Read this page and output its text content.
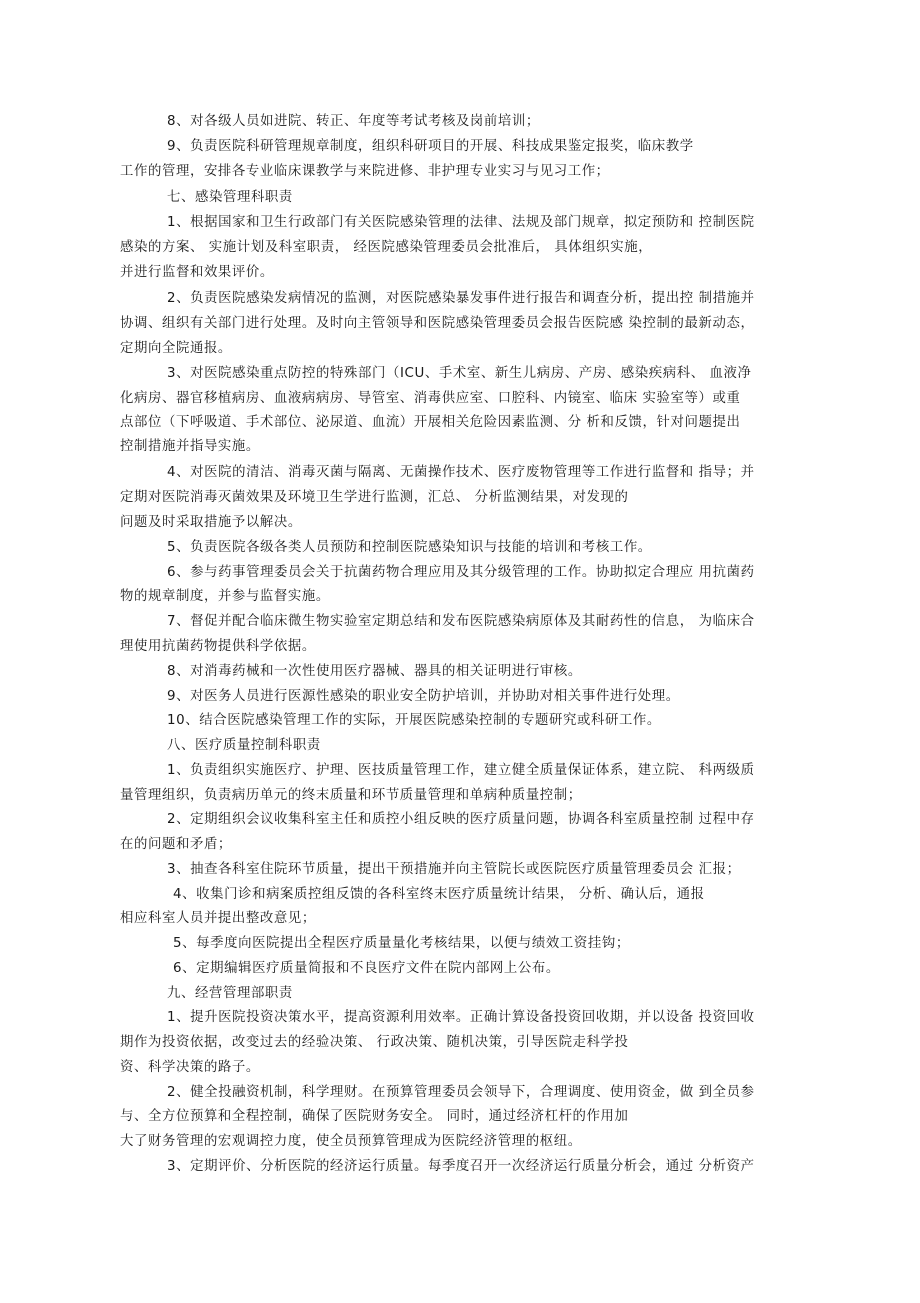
8、对各级人员如进院、转正、年度等考试考核及岗前培训；
9、负责医院科研管理规章制度，组织科研项目的开展、科技成果鉴定报奖，临床教学
工作的管理，安排各专业临床课教学与来院进修、非护理专业实习与见习工作；
七、感染管理科职责
1、根据国家和卫生行政部门有关医院感染管理的法律、法规及部门规章，拟定预防和 控制医院
感染的方案、 实施计划及科室职责， 经医院感染管理委员会批准后， 具体组织实施，
并进行监督和效果评价。
2、负责医院感染发病情况的监测，对医院感染暴发事件进行报告和调查分析，提出控 制措施并
协调、组织有关部门进行处理。及时向主管领导和医院感染管理委员会报告医院感 染控制的最新动态，
定期向全院通报。
3、对医院感染重点防控的特殊部门（ICU、手术室、新生儿病房、产房、感染疾病科、 血液净
化病房、器官移植病房、血液病病房、导管室、消毒供应室、口腔科、内镜室、临床 实验室等）或重
点部位（下呼吸道、手术部位、泌尿道、血流）开展相关危险因素监测、分 析和反馈，针对问题提出
控制措施并指导实施。
4、对医院的清洁、消毒灭菌与隔离、无菌操作技术、医疗废物管理等工作进行监督和 指导；并
定期对医院消毒灭菌效果及环境卫生学进行监测，汇总、 分析监测结果，对发现的
问题及时采取措施予以解决。
5、负责医院各级各类人员预防和控制医院感染知识与技能的培训和考核工作。
6、参与药事管理委员会关于抗菌药物合理应用及其分级管理的工作。协助拟定合理应 用抗菌药
物的规章制度，并参与监督实施。
7、督促并配合临床微生物实验室定期总结和发布医院感染病原体及其耐药性的信息， 为临床合
理使用抗菌药物提供科学依据。
8、对消毒药械和一次性使用医疗器械、器具的相关证明进行审核。
9、对医务人员进行医源性感染的职业安全防护培训，并协助对相关事件进行处理。
10、结合医院感染管理工作的实际，开展医院感染控制的专题研究或科研工作。
八、医疗质量控制科职责
1、负责组织实施医疗、护理、医技质量管理工作，建立健全质量保证体系，建立院、 科两级质
量管理组织，负责病历单元的终末质量和环节质量管理和单病种质量控制；
2、定期组织会议收集科室主任和质控小组反映的医疗质量问题，协调各科室质量控制 过程中存
在的问题和矛盾；
3、抽查各科室住院环节质量，提出干预措施并向主管院长或医院医疗质量管理委员会 汇报；
4、收集门诊和病案质控组反馈的各科室终末医疗质量统计结果， 分析、确认后，通报
相应科室人员并提出整改意见；
5、每季度向医院提出全程医疗质量量化考核结果，以便与绩效工资挂钩；
6、定期编辑医疗质量简报和不良医疗文件在院内部网上公布。
九、经营管理部职责
1、提升医院投资决策水平，提高资源利用效率。正确计算设备投资回收期，并以设备 投资回收
期作为投资依据，改变过去的经验决策、 行政决策、随机决策，引导医院走科学投
资、科学决策的路子。
2、健全投融资机制，科学理财。在预算管理委员会领导下，合理调度、使用资金，做 到全员参
与、全方位预算和全程控制，确保了医院财务安全。 同时，通过经济杠杆的作用加
大了财务管理的宏观调控力度，使全员预算管理成为医院经济管理的枢纽。
3、定期评价、分析医院的经济运行质量。每季度召开一次经济运行质量分析会，通过 分析资产
